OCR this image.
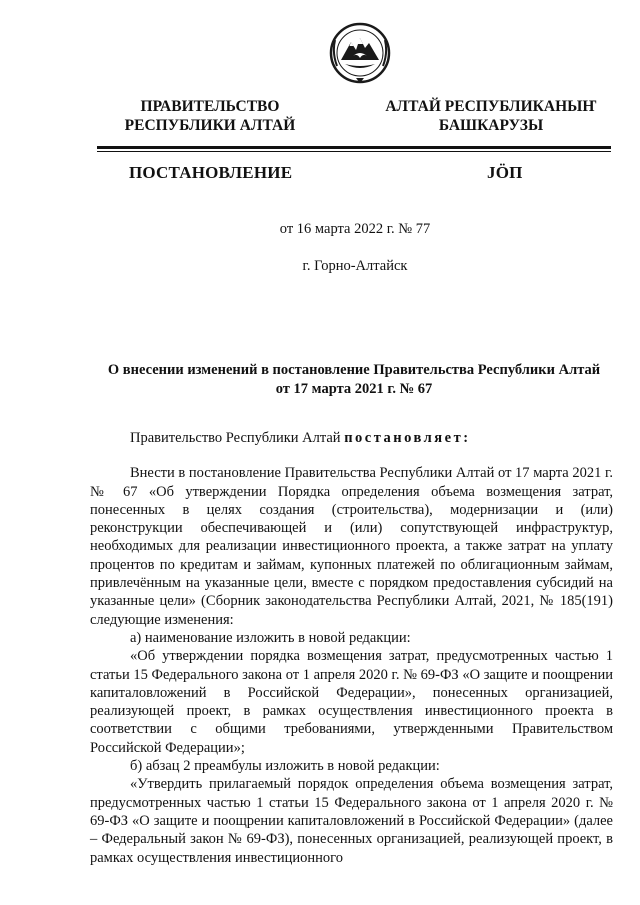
ПРАВИТЕЛЬСТВО
РЕСПУБЛИКИ АЛТАЙ
АЛТАЙ РЕСПУБЛИКАНЫҤ
БАШКАРУЗЫ
ПОСТАНОВЛЕНИЕ	JӦП
от 16 марта 2022 г. № 77
г. Горно-Алтайск
О внесении изменений в постановление Правительства Республики Алтай
от 17 марта 2021 г. № 67

Правительство Республики Алтай постановляет:

Внести в постановление Правительства Республики Алтай от 17 марта 2021 г. № 67 «Об утверждении Порядка определения объема возмещения затрат, понесенных в целях создания (строительства), модернизации и (или) реконструкции обеспечивающей и (или) сопутствующей инфраструктур, необходимых для реализации инвестиционного проекта, а также затрат на уплату процентов по кредитам и займам, купонных платежей по облигационным займам, привлечённым на указанные цели, вместе с порядком предоставления субсидий на указанные цели» (Сборник законодательства Республики Алтай, 2021, № 185(191) следующие изменения:

а) наименование изложить в новой редакции:

«Об утверждении порядка возмещения затрат, предусмотренных частью 1 статьи 15 Федерального закона от 1 апреля 2020 г. № 69-ФЗ «О защите и поощрении капиталовложений в Российской Федерации», понесенных организацией, реализующей проект, в рамках осуществления инвестиционного проекта в соответствии с общими требованиями, утвержденными Правительством Российской Федерации»;

б) абзац 2 преамбулы изложить в новой редакции:

«Утвердить прилагаемый порядок определения объема возмещения затрат, предусмотренных частью 1 статьи 15 Федерального закона от 1 апреля 2020 г. № 69-ФЗ «О защите и поощрении капиталовложений в Российской Федерации» (далее – Федеральный закон № 69-ФЗ), понесенных организацией, реализующей проект, в рамках осуществления инвестиционного
